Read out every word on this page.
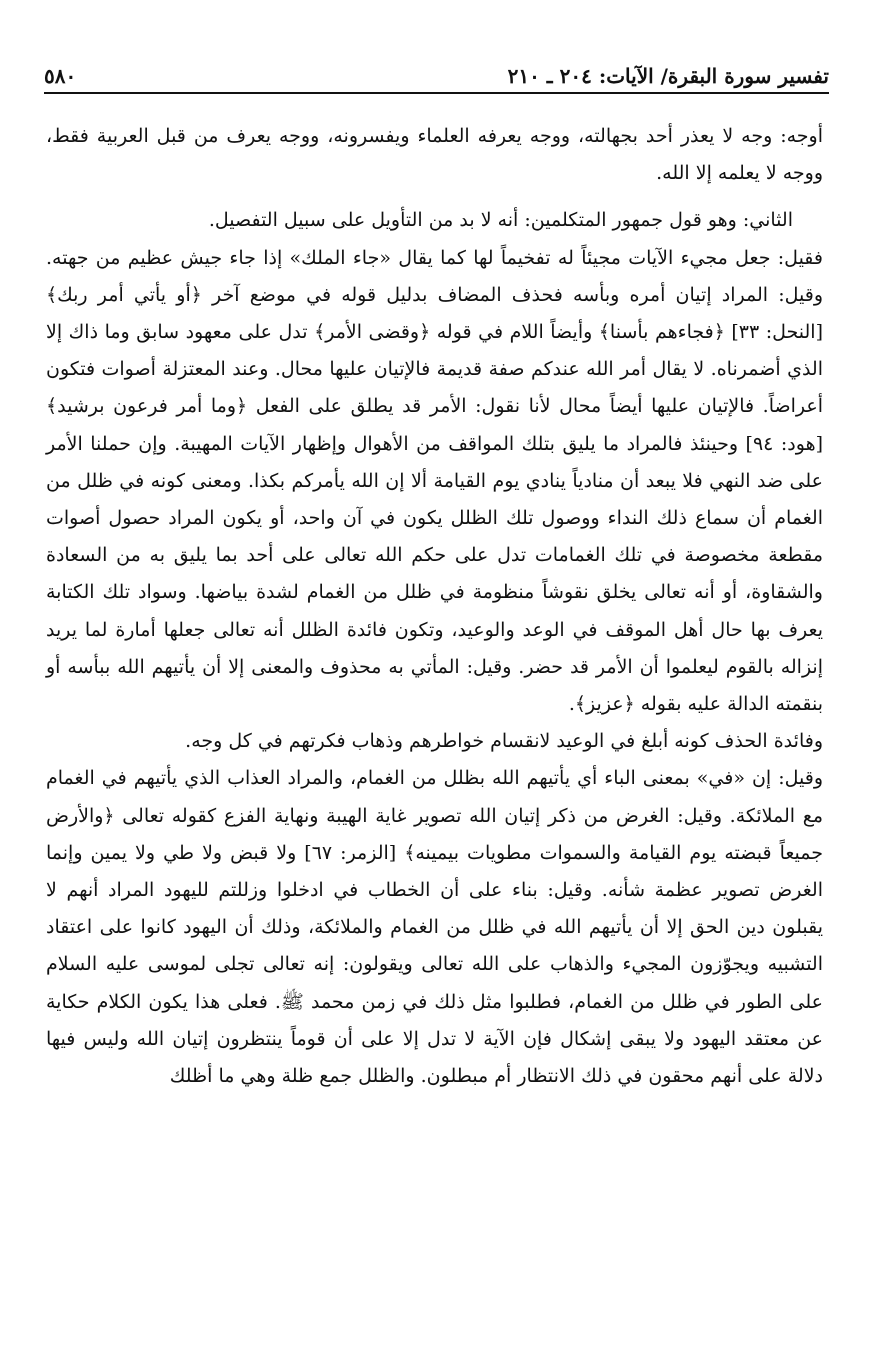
تفسير سورة البقرة/ الآيات: ٢٠٤ ـ ٢١٠
٥٨٠

أوجه: وجه لا يعذر أحد بجهالته، ووجه يعرفه العلماء ويفسرونه، ووجه يعرف من قبل العربية فقط، ووجه لا يعلمه إلا الله.

الثاني: وهو قول جمهور المتكلمين: أنه لا بد من التأويل على سبيل التفصيل.

فقيل: جعل مجيء الآيات مجيئاً له تفخيماً لها كما يقال «جاء الملك» إذا جاء جيش عظيم من جهته. وقيل: المراد إتيان أمره وبأسه فحذف المضاف بدليل قوله في موضع آخر ﴿أو يأتي أمر ربك﴾ [النحل: ٣٣] ﴿فجاءهم بأسنا﴾ وأيضاً اللام في قوله ﴿وقضى الأمر﴾ تدل على معهود سابق وما ذاك إلا الذي أضمرناه. لا يقال أمر الله عندكم صفة قديمة فالإتيان عليها محال. وعند المعتزلة أصوات فتكون أعراضاً. فالإتيان عليها أيضاً محال لأنا نقول: الأمر قد يطلق على الفعل ﴿وما أمر فرعون برشيد﴾ [هود: ٩٤] وحينئذ فالمراد ما يليق بتلك المواقف من الأهوال وإظهار الآيات المهيبة. وإن حملنا الأمر على ضد النهي فلا يبعد أن منادياً ينادي يوم القيامة ألا إن الله يأمركم بكذا. ومعنى كونه في ظلل من الغمام أن سماع ذلك النداء ووصول تلك الظلل يكون في آن واحد، أو يكون المراد حصول أصوات مقطعة مخصوصة في تلك الغمامات تدل على حكم الله تعالى على أحد بما يليق به من السعادة والشقاوة، أو أنه تعالى يخلق نقوشاً منظومة في ظلل من الغمام لشدة بياضها. وسواد تلك الكتابة يعرف بها حال أهل الموقف في الوعد والوعيد، وتكون فائدة الظلل أنه تعالى جعلها أمارة لما يريد إنزاله بالقوم ليعلموا أن الأمر قد حضر. وقيل: المأتي به محذوف والمعنى إلا أن يأتيهم الله ببأسه أو بنقمته الدالة عليه بقوله ﴿عزيز﴾.

وفائدة الحذف كونه أبلغ في الوعيد لانقسام خواطرهم وذهاب فكرتهم في كل وجه.

وقيل: إن «في» بمعنى الباء أي يأتيهم الله بظلل من الغمام، والمراد العذاب الذي يأتيهم في الغمام مع الملائكة. وقيل: الغرض من ذكر إتيان الله تصوير غاية الهيبة ونهاية الفزع كقوله تعالى ﴿والأرض جميعاً قبضته يوم القيامة والسموات مطويات بيمينه﴾ [الزمر: ٦٧] ولا قبض ولا طي ولا يمين وإنما الغرض تصوير عظمة شأنه. وقيل: بناء على أن الخطاب في ادخلوا وزللتم لليهود المراد أنهم لا يقبلون دين الحق إلا أن يأتيهم الله في ظلل من الغمام والملائكة، وذلك أن اليهود كانوا على اعتقاد التشبيه ويجوّزون المجيء والذهاب على الله تعالى ويقولون: إنه تعالى تجلى لموسى عليه السلام على الطور في ظلل من الغمام، فطلبوا مثل ذلك في زمن محمد ﷺ. فعلى هذا يكون الكلام حكاية عن معتقد اليهود ولا يبقى إشكال فإن الآية لا تدل إلا على أن قوماً ينتظرون إتيان الله وليس فيها دلالة على أنهم محقون في ذلك الانتظار أم مبطلون. والظلل جمع ظلة وهي ما أظلك
